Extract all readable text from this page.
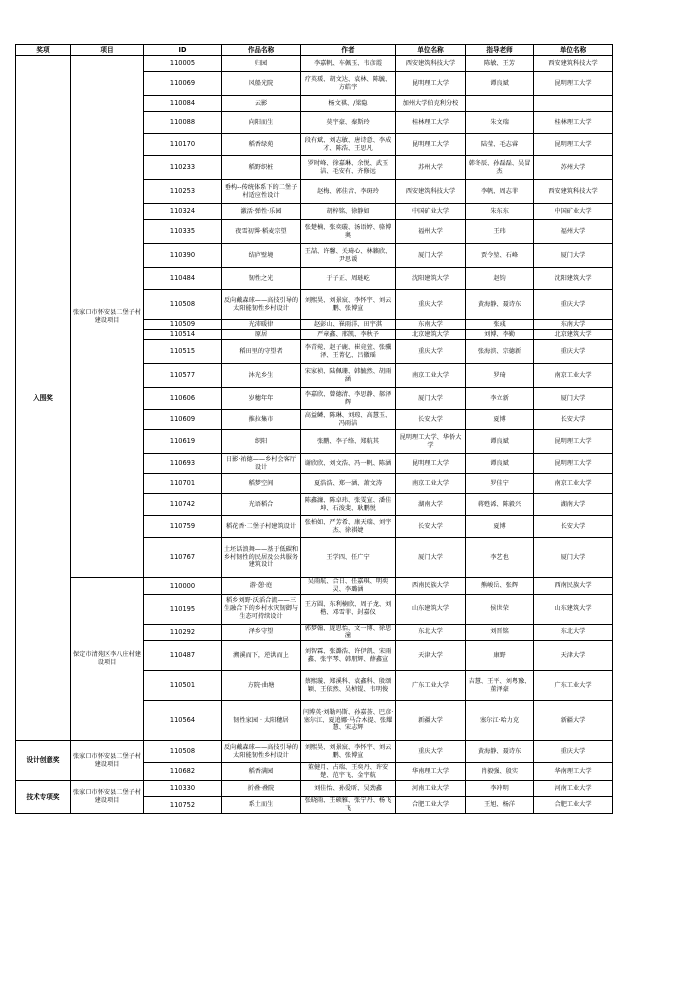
奖项	项目	ID	作品名称	作者	单位名称	指导老师	单位名称
入围奖	张家口市怀安县二堡子村建设项目	110005	归园	李嘉帆、车佩玉、韦彦霞	西安建筑科技大学	陈敏、王芳	西安建筑科技大学
		110069	风船光院	疗英瑗、胡文达、袁林、陈毓、方皓宇	昆明理工大学	谭良斌	昆明理工大学
		110084	云影	杨文祺、/梁隐	加州大学伯克利分校		
		110088	向阳而生	莫宇豪、秦斯玲	桂林理工大学	朱文瑞	桂林理工大学
		110170	稻香绿苑	段有斌、刘志敏、唐诗意、李成才、陈浩、王思凡	昆明理工大学	陆莹、毛志睿	昆明理工大学
		110233	稻野织桩	罗时峰、徐嘉琳、余悦、武玉洁、毛安有、齐修远	苏州大学	韩冬辰、孙磊磊、吴冒杰	苏州大学
		110253	垂构--传统体系下的二堡子村适应性设计	赵梅、郭佳音、李斑玲	西安建筑科技大学	李帆、周志菲	西安建筑科技大学
		110324	激活·弹性·乐园	胡梓铭、徐静如	中国矿业大学	朱东东	中国矿业大学
		110335	夜雪初霁·稻麦宗望	张楚楠、张奕璇、汤语婷、骆博奥	福州大学	王玮	福州大学
		110390	结庐壁境	王喆、许馨、关琦心、林籁欣、尹思谖	厦门大学	贾令堃、石峰	厦门大学
		110484	韧性之光	于子正、周琏屹	沈阳建筑大学	赵钧	沈阳建筑大学
		110508	反向戴森球——高技引导的太阳能韧性乡村设计	刘熙昊、刘景宸、李怀宇、刘云鹏、张博宣	重庆大学	黄海静、聂诗东	重庆大学
		110509	光沛暖律	赵彭山、崔雨洋、田宇淇	东南大学	张彧	东南大学
		110514	原居	严章鑫、邢凯、李秋予	北京建筑大学	刘博、李勤	北京建筑大学
		110515	稻田里的守望者	李青菀、赵子鹿、崔竟萱、张骥泽、王菁亿、吕徽瑶	重庆大学	张海滨、宗德新	重庆大学
		110577	沐光乡生	宋家祯、陆佩珊、韩毓然、胡雨涵	南京工业大学	罗琦	南京工业大学
		110606	岁穗年年	李嘉欣、曾德清、李思静、郝泽辉	厦门大学	李立新	厦门大学
		110609	推拉集市	高益鳞、陈琳、刘琼、高慧玉、冯雨洁	长安大学	夏博	长安大学
		110619	织阳	张鹏、李子络、郑航其	昆明理工大学、华侨大学	谭良斌	昆明理工大学
		110693	日影·祐德——乡村会客厅设计	谢欣欣、刘文浩、冯一帆、陈涵	昆明理工大学	谭良斌	昆明理工大学
		110701	稻梦空间	夏浩浩、郑一涵、萧文涛	南京工业大学	罗佳宁	南京工业大学
		110742	光语稻合	陈鑫濂、陈卓玮、张雯宣、潘佳坤、石浚斐、耿鹏悦	湖南大学	蒋甦浠、陈毅兴	湖南大学
		110759	稻花香·二堡子村建筑设计	张柏如、严芳希、康天瑞、刘宇杰、徐祺婕	长安大学	夏博	长安大学
		110767	土坯话浪舞——基于低碳和乡村韧性的民居及公共服务建筑设计	王学四、任广宁	厦门大学	李艺也	厦门大学
	保定市清苑区李八庄村建设项目	110000	游·憩·庭	吴雨航、合日、任嘉琪、明奕灵、李璐涵	西南民族大学	熊峻岳、张辉	西南民族大学
		110195	稻乡刘野·沃滔合流——三生融合下的乡村水灾韧御与生态可持续设计	王方圆、东利楠欣、周子龙、刘楷、邓雪菲、封嘉仪	山东建筑大学	侯世荣	山东建筑大学
		110292	泽乡守望	郭梦翰、庞思怡、文一博、徐思潼	东北大学	刘晋铭	东北大学
		110487	溯溪而下，逆洪而上	刘智霖、张潞浩、许伊凯、宋雨鑫、张宇琴、韩朋辉、薛鑫宣	天津大学	康野	天津大学
		110501	方院·曲塘	蔡熙璇、郑溪科、袁鑫科、殷颂颖、王依然、吴桢锟、韦明俊	广东工业大学	吉慧、王平、刘粤豫、董泽豪	广东工业大学
		110564	韧性家园 · 太阳穗居	闫博英·刘勒玛斯、孙嘉荟、巴彦·塞尔江、夏追娜·马合木提、张耀慧、宋志辉	新疆大学	塞尔江·哈力克	新疆大学
设计创意奖	张家口市怀安县二堡子村建设项目	110508	反向戴森球——高技引导的太阳能韧性乡村设计	刘熙昊、刘景宸、李怀宇、刘云鹏、张博宣	重庆大学	黄海静、聂诗东	重庆大学
		110682	稻香满园	董健月、占瑞、王奕丹、许安楚、范宇飞、金宇航	华南理工大学	肖毅强、殷实	华南理工大学
技术专项奖	张家口市怀安县二堡子村建设项目	110330	折叠·叠院	刘佳怡、孙爱昕、吴劲鑫	河南工业大学	李冲明	河南工业大学
		110752	系土而生	张晓雨、王硕雅、张宁丹、杨飞飞	合肥工业大学	王旭、杨洋	合肥工业大学
